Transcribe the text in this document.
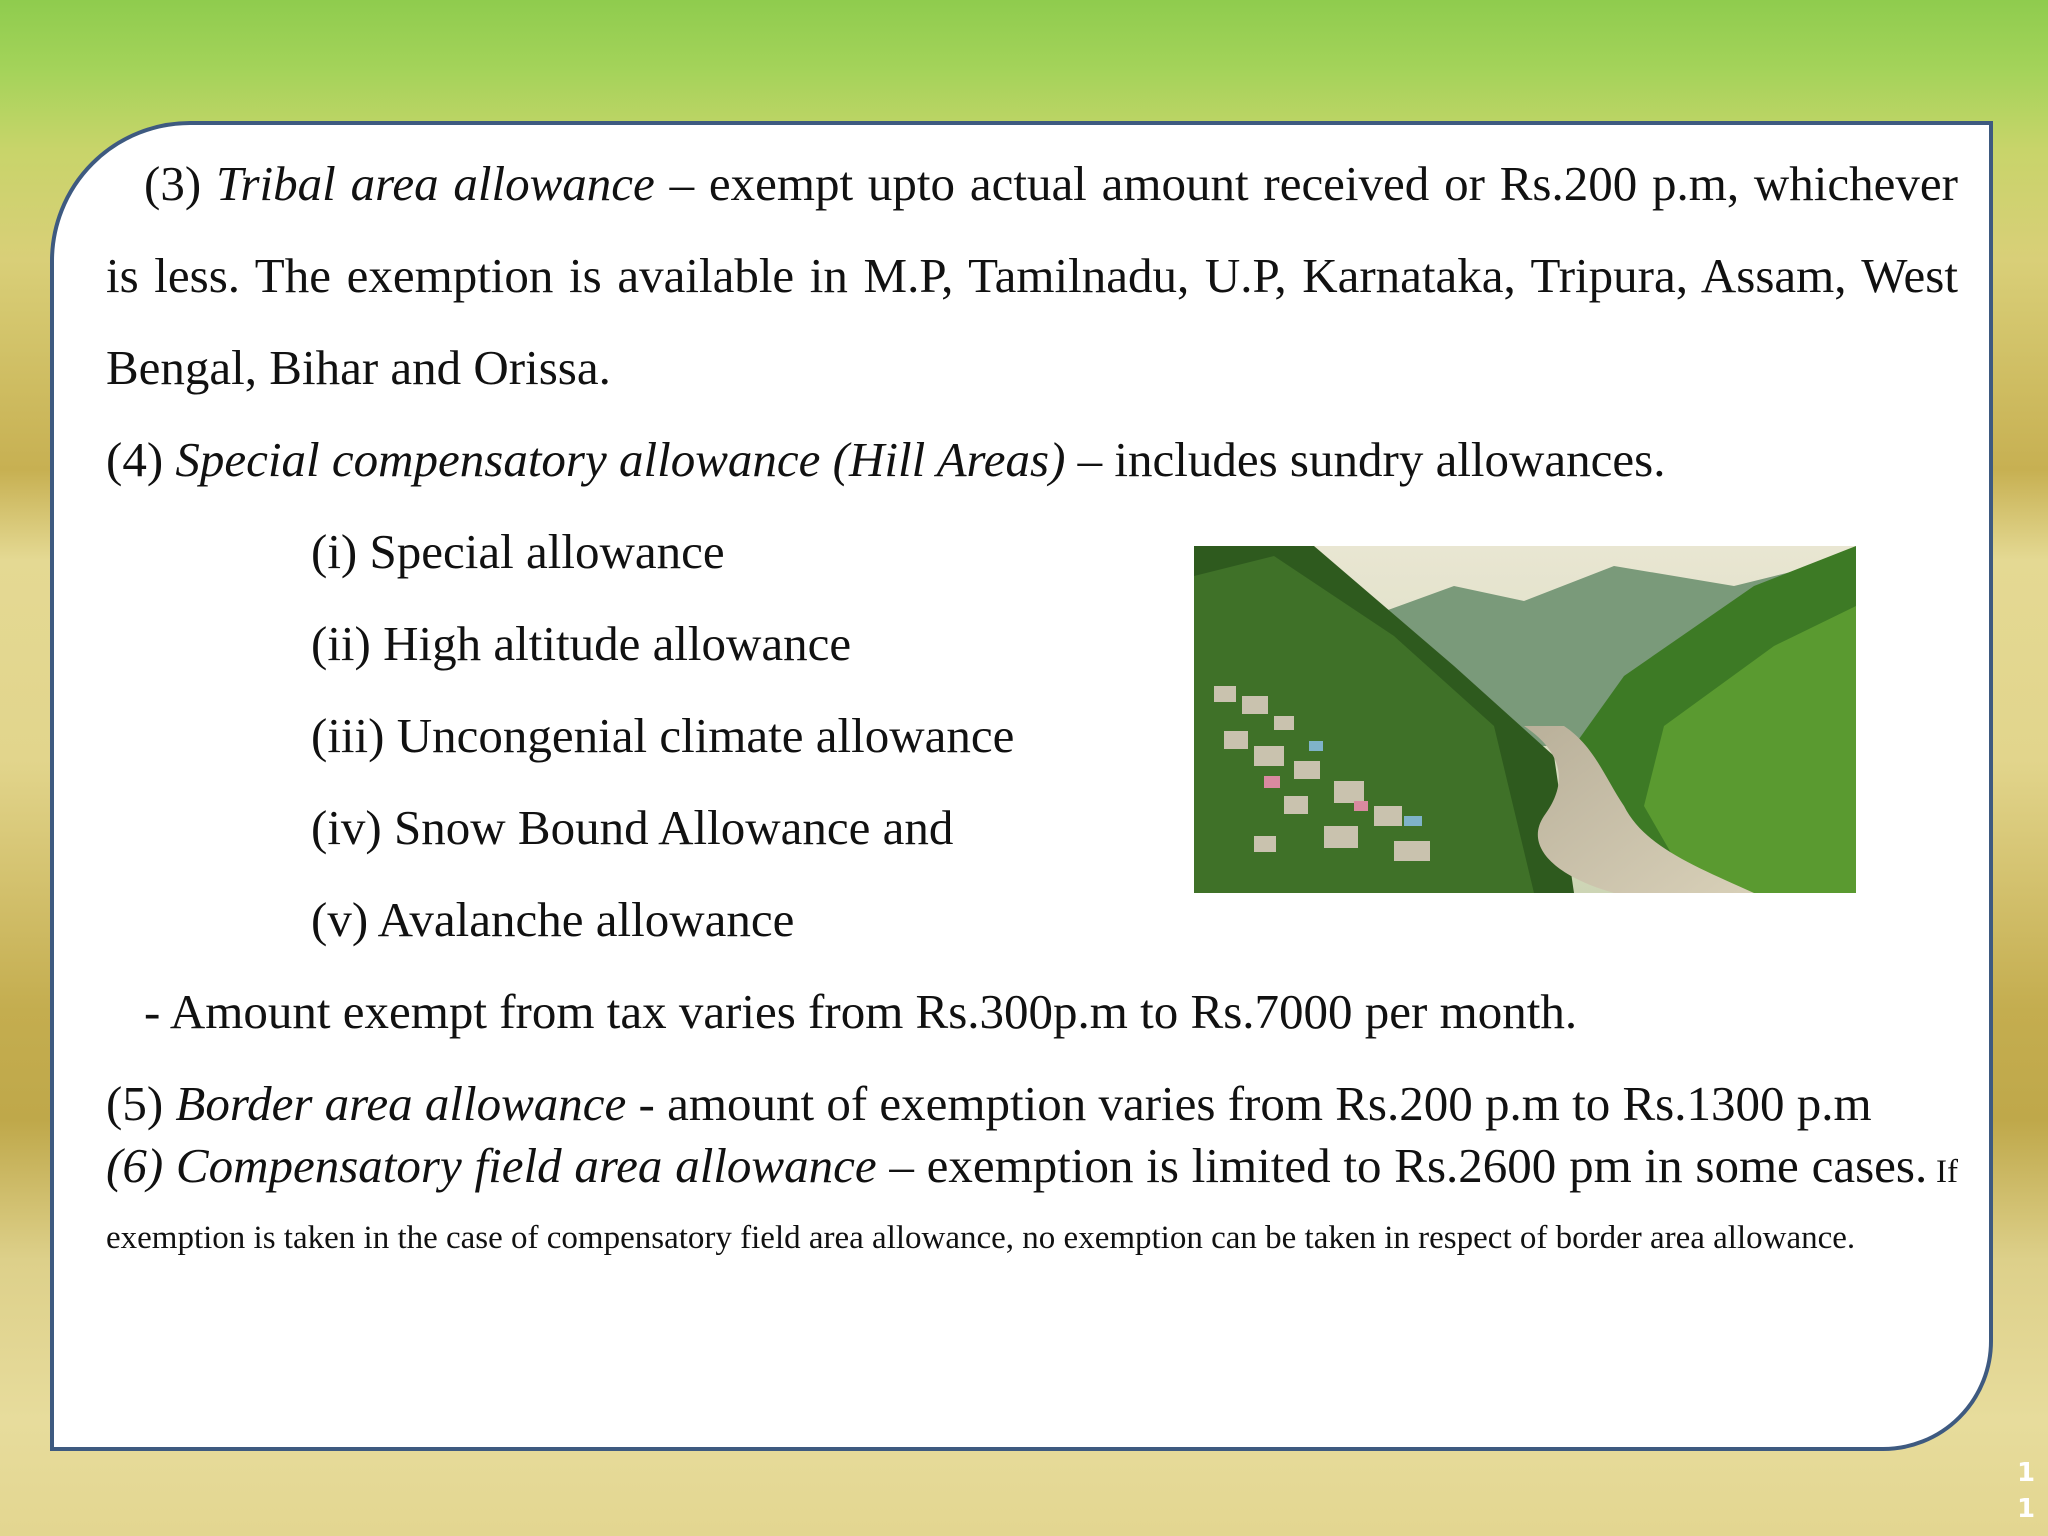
(3) Tribal area allowance – exempt upto actual amount received or Rs.200 p.m, whichever is less. The exemption is available in M.P, Tamilnadu, U.P, Karnataka, Tripura, Assam, West Bengal, Bihar and Orissa.

(4) Special compensatory allowance (Hill Areas) – includes sundry allowances.

(i) Special allowance
(ii) High altitude allowance
(iii) Uncongenial climate allowance
(iv) Snow Bound Allowance and
(v) Avalanche allowance
- Amount exempt from tax varies from Rs.300p.m to Rs.7000 per month.

(5) Border area allowance - amount of exemption varies from Rs.200 p.m to Rs.1300 p.m

(6) Compensatory field area allowance – exemption is limited to Rs.2600 pm in some cases. If exemption is taken in the case of compensatory field area allowance, no exemption can be taken in respect of border area allowance.

1
1
